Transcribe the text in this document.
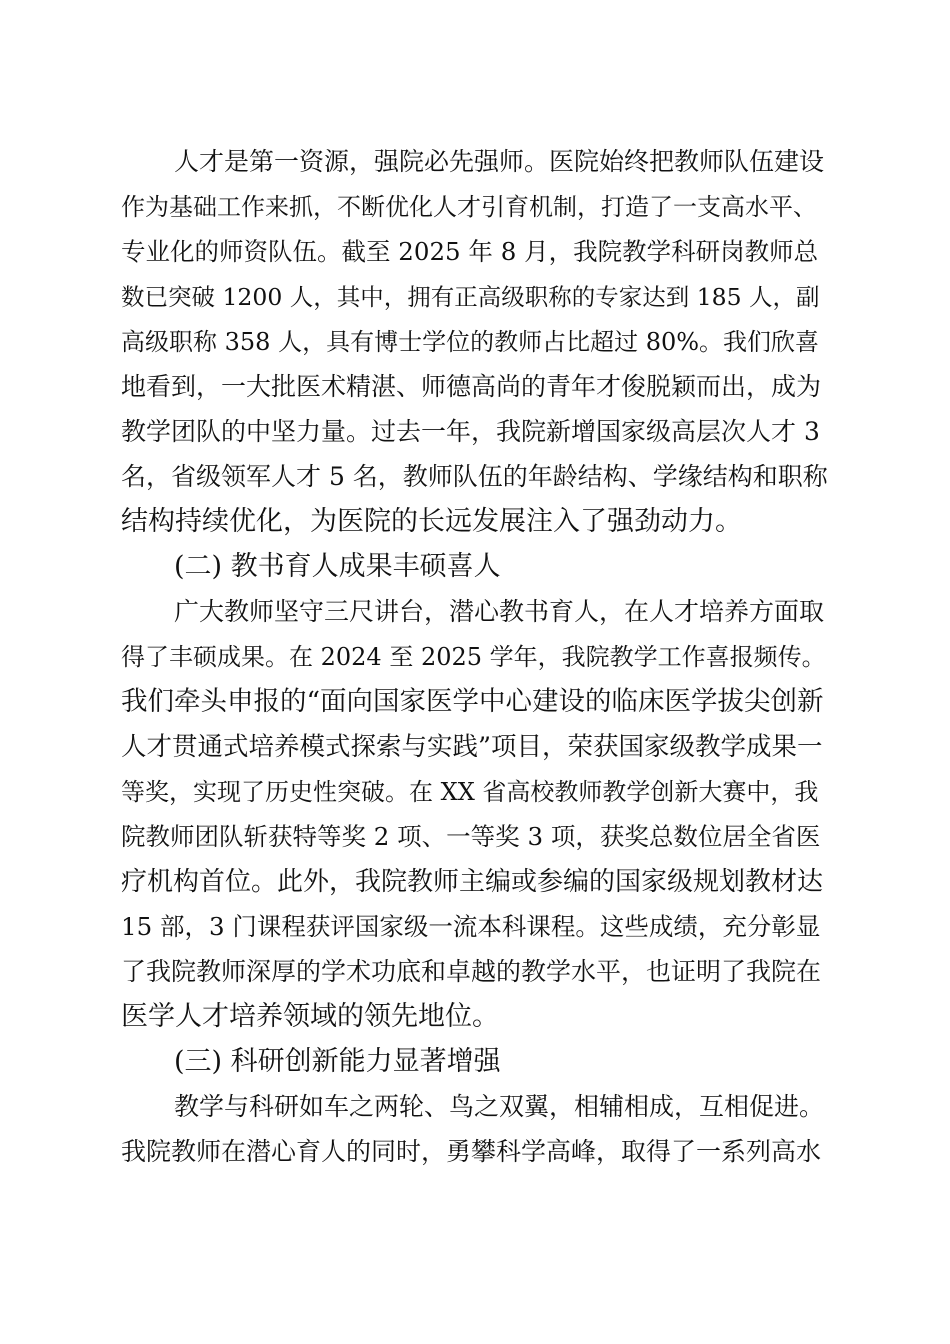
人才是第一资源，强院必先强师。医院始终把教师队伍建设
作为基础工作来抓，不断优化人才引育机制，打造了一支高水平、
专业化的师资队伍。截至 2025 年 8 月，我院教学科研岗教师总
数已突破 1200 人，其中，拥有正高级职称的专家达到 185 人，副
高级职称 358 人，具有博士学位的教师占比超过 80%。我们欣喜
地看到，一大批医术精湛、师德高尚的青年才俊脱颖而出，成为
教学团队的中坚力量。过去一年，我院新增国家级高层次人才 3
名，省级领军人才 5 名，教师队伍的年龄结构、学缘结构和职称
结构持续优化，为医院的长远发展注入了强劲动力。
(二) 教书育人成果丰硕喜人
广大教师坚守三尺讲台，潜心教书育人，在人才培养方面取
得了丰硕成果。在 2024 至 2025 学年，我院教学工作喜报频传。
我们牵头申报的“面向国家医学中心建设的临床医学拔尖创新
人才贯通式培养模式探索与实践”项目，荣获国家级教学成果一
等奖，实现了历史性突破。在 XX 省高校教师教学创新大赛中，我
院教师团队斩获特等奖 2 项、一等奖 3 项，获奖总数位居全省医
疗机构首位。此外，我院教师主编或参编的国家级规划教材达
15 部，3 门课程获评国家级一流本科课程。这些成绩，充分彰显
了我院教师深厚的学术功底和卓越的教学水平，也证明了我院在
医学人才培养领域的领先地位。
(三) 科研创新能力显著增强
教学与科研如车之两轮、鸟之双翼，相辅相成，互相促进。
我院教师在潜心育人的同时，勇攀科学高峰，取得了一系列高水
